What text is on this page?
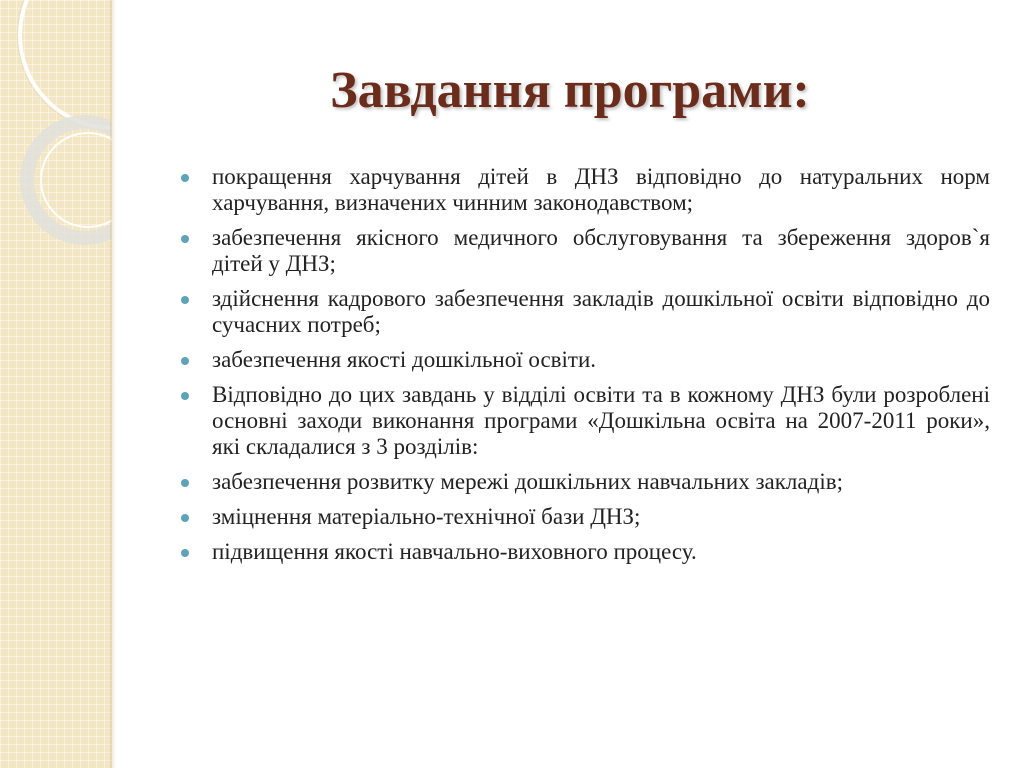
Завдання програми:
покращення харчування дітей в ДНЗ відповідно до натуральних норм харчування, визначених чинним законодавством;
забезпечення якісного медичного обслуговування та збереження здоров`я дітей у ДНЗ;
здійснення кадрового забезпечення закладів дошкільної освіти відповідно до сучасних потреб;
забезпечення якості дошкільної освіти.
Відповідно до цих завдань у відділі освіти та в кожному ДНЗ були розроблені основні заходи виконання програми «Дошкільна освіта на 2007-2011 роки», які складалися з 3 розділів:
забезпечення розвитку мережі дошкільних навчальних закладів;
зміцнення матеріально-технічної бази ДНЗ;
підвищення якості навчально-виховного процесу.
